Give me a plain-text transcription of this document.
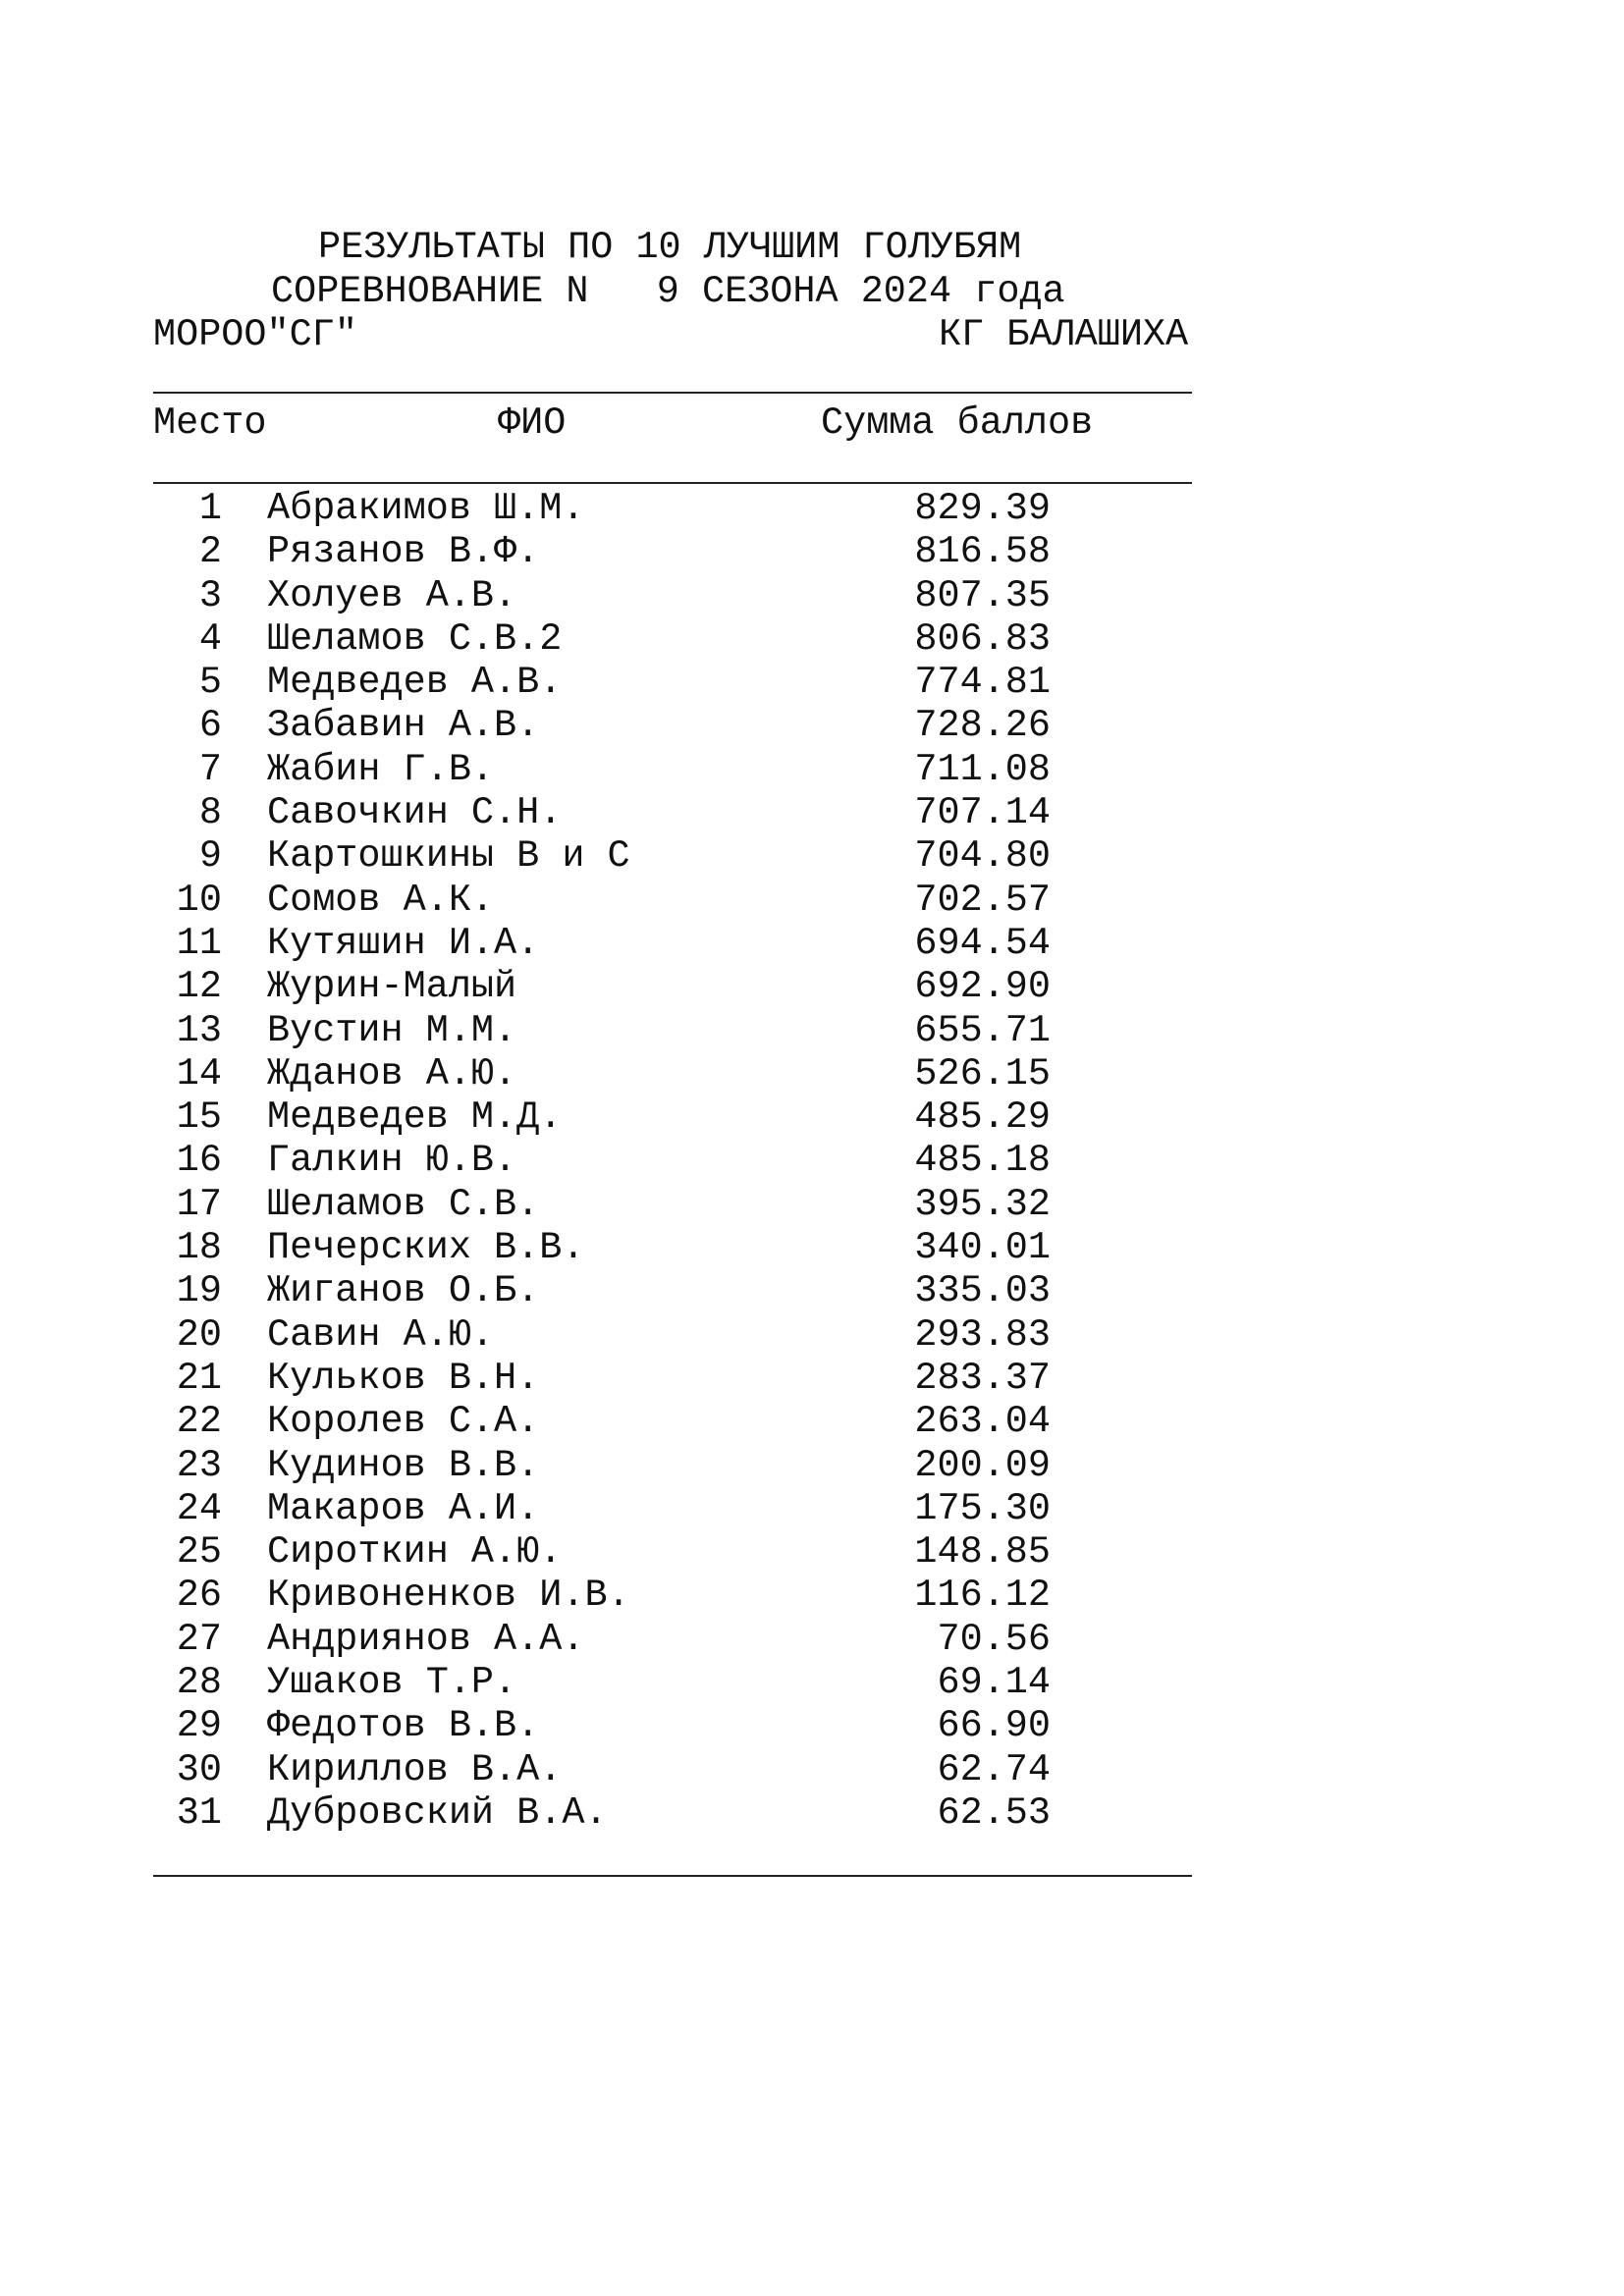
РЕЗУЛЬТАТЫ ПО 10 ЛУЧШИМ ГОЛУБЯМ
СОРЕВНОВАНИЕ N   9 СЕЗОНА 2024 года
МОРОО"СГ"	КГ БАЛАШИХА
Место	ФИО	Сумма баллов
1 Абракимов Ш.М.	829.39
2 Рязанов В.Ф.	816.58
3 Холуев А.В.	807.35
4 Шеламов С.В.2	806.83
5 Медведев А.В.	774.81
6 Забавин А.В.	728.26
7 Жабин Г.В.	711.08
8 Савочкин С.Н.	707.14
9 Картошкины В и С	704.80
10 Сомов А.К.	702.57
11 Кутяшин И.А.	694.54
12 Журин-Малый	692.90
13 Вустин М.М.	655.71
14 Жданов А.Ю.	526.15
15 Медведев М.Д.	485.29
16 Галкин Ю.В.	485.18
17 Шеламов С.В.	395.32
18 Печерских В.В.	340.01
19 Жиганов О.Б.	335.03
20 Савин А.Ю.	293.83
21 Кульков В.Н.	283.37
22 Королев С.А.	263.04
23 Кудинов В.В.	200.09
24 Макаров А.И.	175.30
25 Сироткин А.Ю.	148.85
26 Кривоненков И.В.	116.12
27 Андриянов А.А.	70.56
28 Ушаков Т.Р.	69.14
29 Федотов В.В.	66.90
30 Кириллов В.А.	62.74
31 Дубровский В.А.	62.53
